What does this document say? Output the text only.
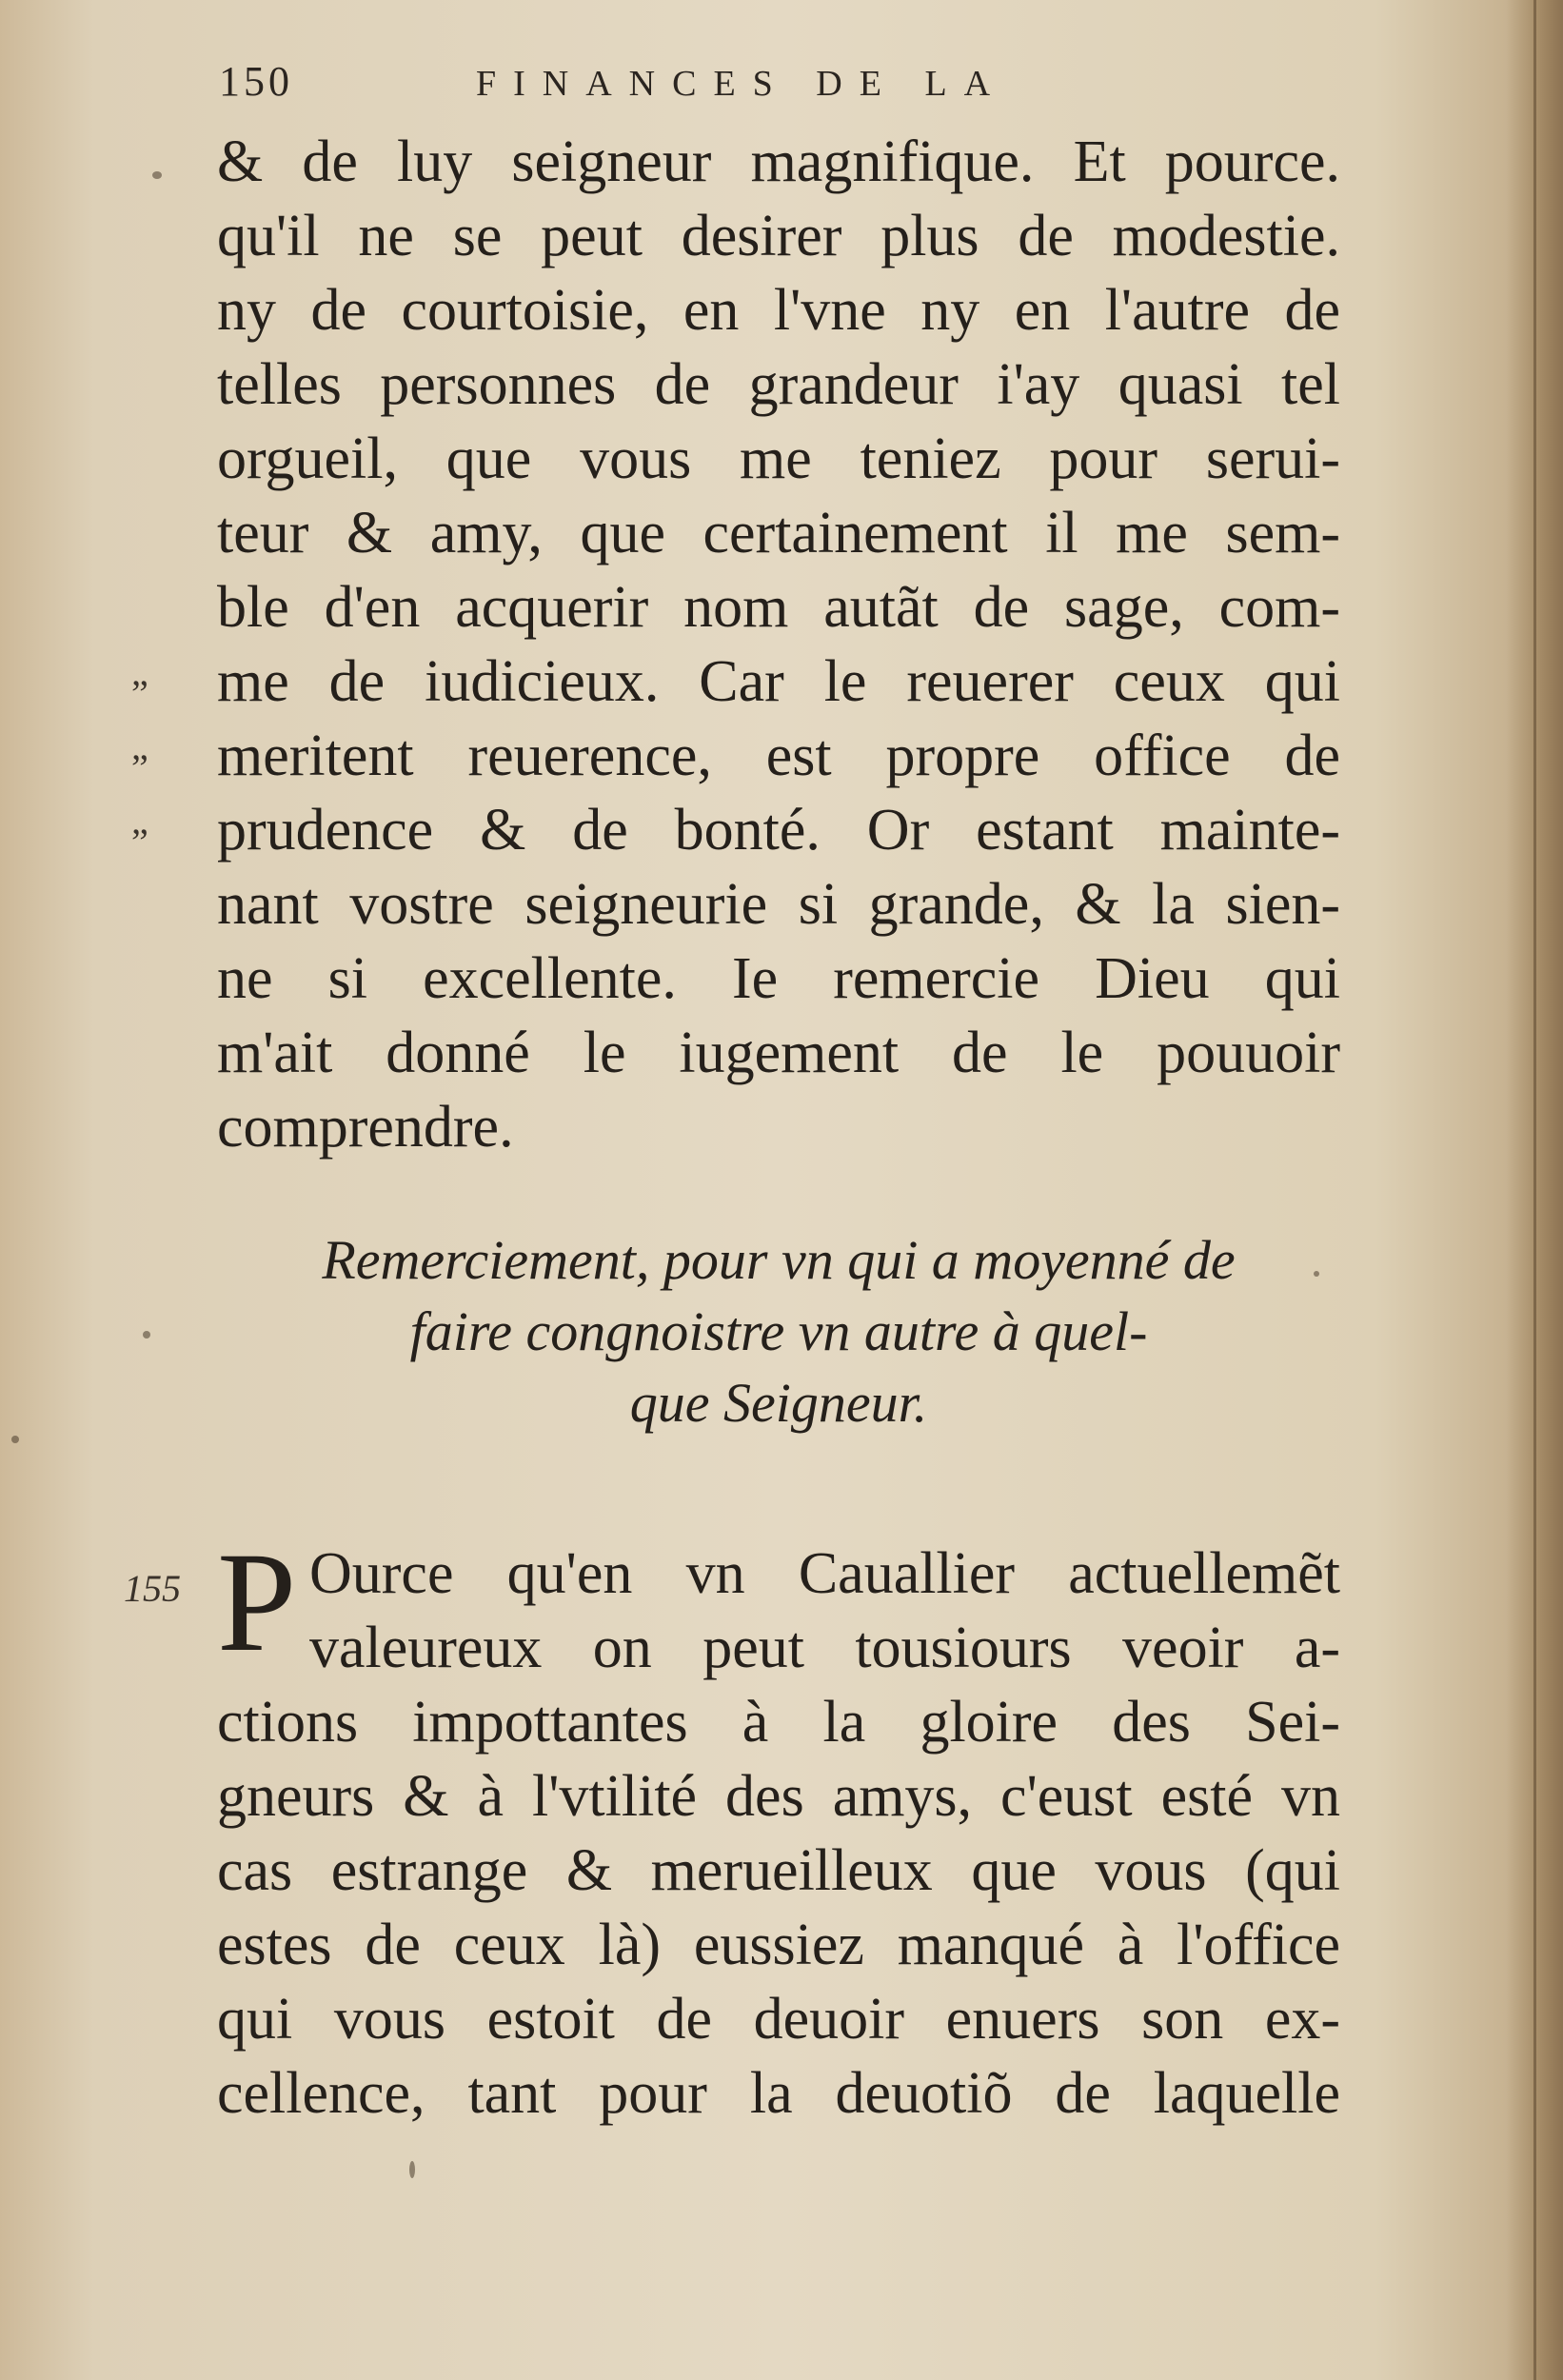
150	FINANCES DE LA
& de luy seigneur magnifique. Et pource.
qu'il ne se peut desirer plus de modestie.
ny de courtoisie, en l'vne ny en l'autre de
telles personnes de grandeur i'ay quasi tel
orgueil, que vous me teniez pour serui-
teur & amy, que certainement il me sem-
ble d'en acquerir nom autãt de sage, com-
me de iudicieux. Car le reuerer ceux qui
meritent reuerence, est propre office de
prudence & de bonté. Or estant mainte-
nant vostre seigneurie si grande, & la sien-
ne si excellente. Ie remercie Dieu qui
m'ait donné le iugement de le pouuoir
comprendre.
”
”
”
Remerciement, pour vn qui a moyenné de
faire congnoistre vn autre à quel-
que Seigneur.
155 P Ource qu'en vn Cauallier actuellemẽt
valeureux on peut tousiours veoir a-
ctions impottantes à la gloire des Sei-
gneurs & à l'vtilité des amys, c'eust esté vn
cas estrange & merueilleux que vous (qui
estes de ceux là) eussiez manqué à l'office
qui vous estoit de deuoir enuers son ex-
cellence, tant pour la deuotiõ de laquelle
